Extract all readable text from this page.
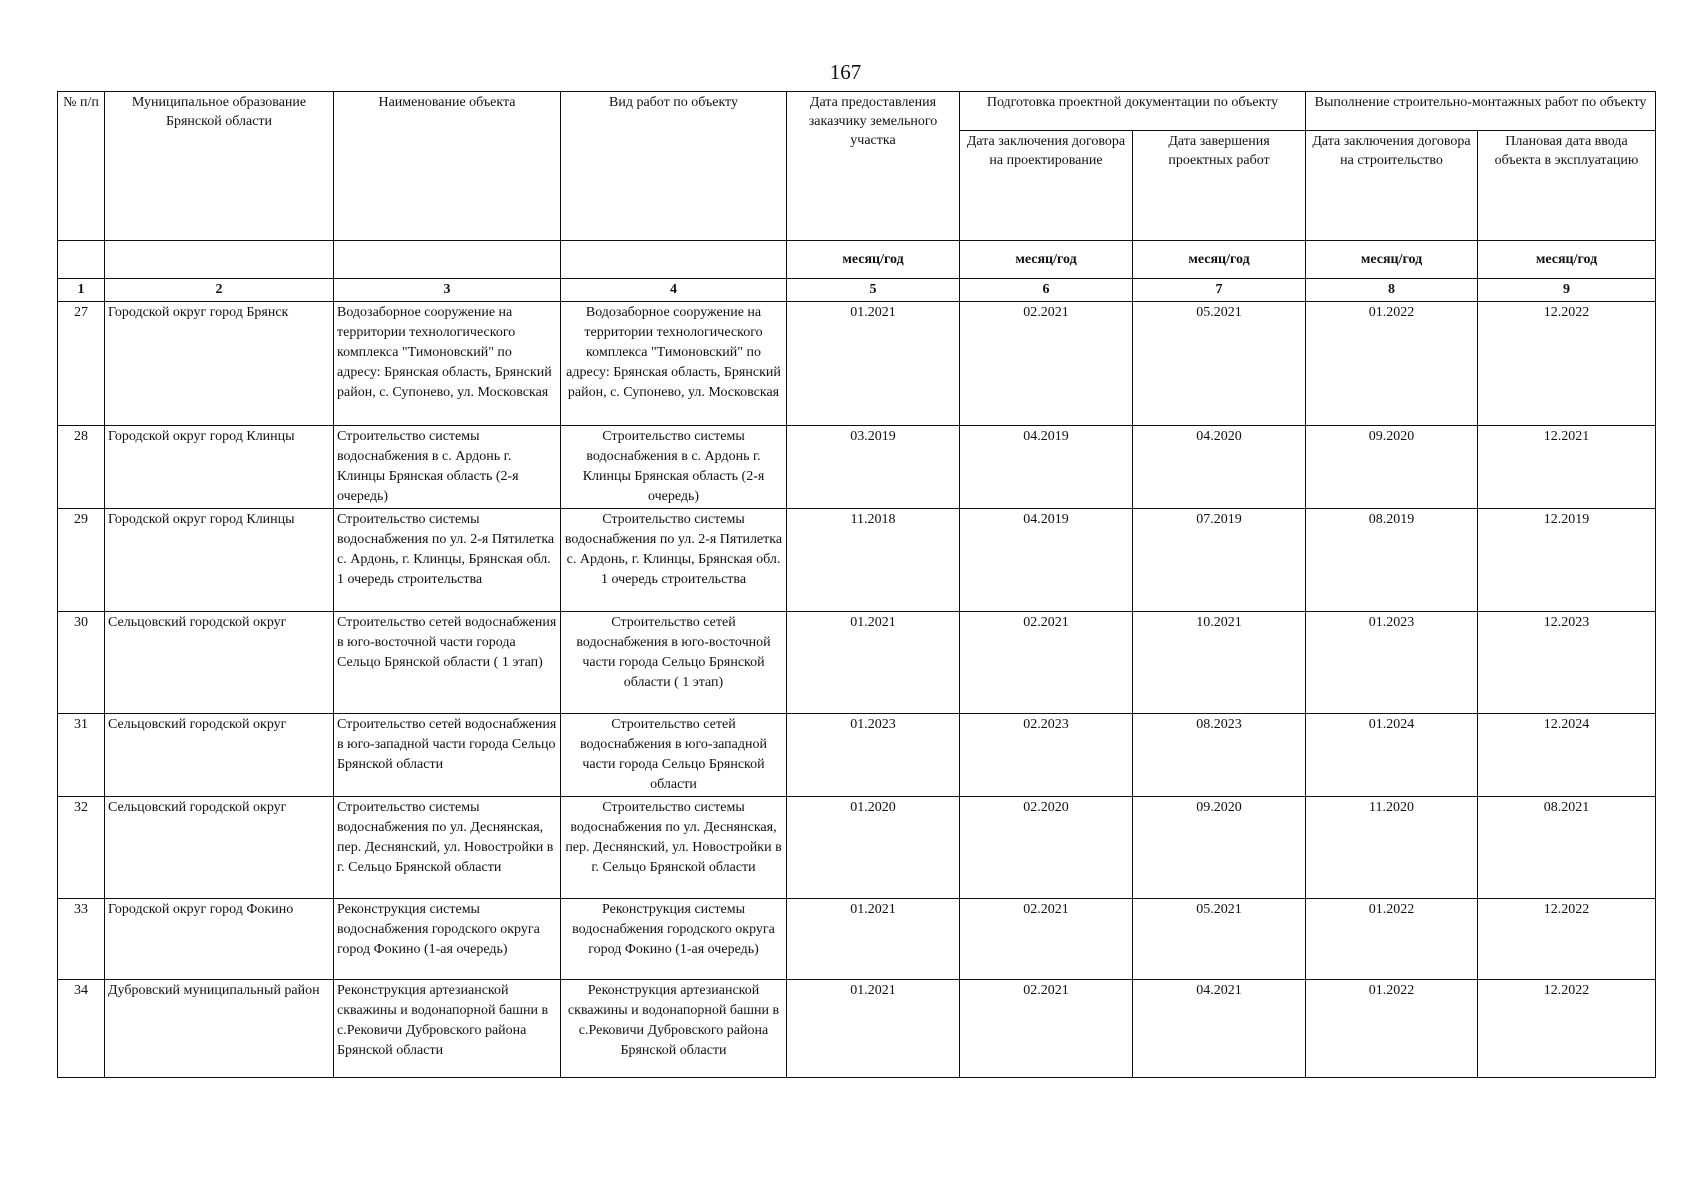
167
№ п/п	Муниципальное образование Брянской области	Наименование объекта	Вид работ по объекту	Дата предоставления заказчику земельного участка	Подготовка проектной документации по объекту		Выполнение строительно-монтажных работ по объекту	
					Дата заключения договора на проектирование	Дата завершения проектных работ	Дата заключения договора на строительство	Плановая дата ввода объекта в эксплуатацию
				месяц/год	месяц/год	месяц/год	месяц/год	месяц/год
1	2	3	4	5	6	7	8	9
27	Городской округ город Брянск	Водозаборное сооружение на территории технологического комплекса "Тимоновский" по адресу: Брянская область, Брянский район, с. Супонево, ул. Московская	Водозаборное сооружение на территории технологического комплекса "Тимоновский" по адресу: Брянская область, Брянский район, с. Супонево, ул. Московская	01.2021	02.2021	05.2021	01.2022	12.2022
28	Городской округ город Клинцы	Строительство системы водоснабжения в с. Ардонь г. Клинцы Брянская область (2-я очередь)	Строительство системы водоснабжения в с. Ардонь г. Клинцы Брянская область (2-я очередь)	03.2019	04.2019	04.2020	09.2020	12.2021
29	Городской округ город Клинцы	Строительство системы водоснабжения по ул. 2-я Пятилетка с. Ардонь, г. Клинцы, Брянская обл. 1 очередь строительства	Строительство системы водоснабжения по ул. 2-я Пятилетка с. Ардонь, г. Клинцы, Брянская обл. 1 очередь строительства	11.2018	04.2019	07.2019	08.2019	12.2019
30	Сельцовский городской округ	Строительство сетей водоснабжения в юго-восточной части города Сельцо Брянской области ( 1 этап)	Строительство сетей водоснабжения в юго-восточной части города Сельцо Брянской области ( 1 этап)	01.2021	02.2021	10.2021	01.2023	12.2023
31	Сельцовский городской округ	Строительство сетей водоснабжения в юго-западной части города Сельцо Брянской области	Строительство сетей водоснабжения в юго-западной части города Сельцо Брянской области	01.2023	02.2023	08.2023	01.2024	12.2024
32	Сельцовский городской округ	Строительство системы водоснабжения по ул. Деснянская, пер. Деснянский, ул. Новостройки в г. Сельцо Брянской области	Строительство системы водоснабжения по ул. Деснянская, пер. Деснянский, ул. Новостройки в г. Сельцо Брянской области	01.2020	02.2020	09.2020	11.2020	08.2021
33	Городской округ город Фокино	Реконструкция системы водоснабжения городского округа город Фокино (1-ая очередь)	Реконструкция системы водоснабжения городского округа город Фокино (1-ая очередь)	01.2021	02.2021	05.2021	01.2022	12.2022
34	Дубровский муниципальный район	Реконструкция артезианской скважины и водонапорной башни в с.Рековичи Дубровского района Брянской области	Реконструкция артезианской скважины и водонапорной башни в с.Рековичи Дубровского района Брянской области	01.2021	02.2021	04.2021	01.2022	12.2022
